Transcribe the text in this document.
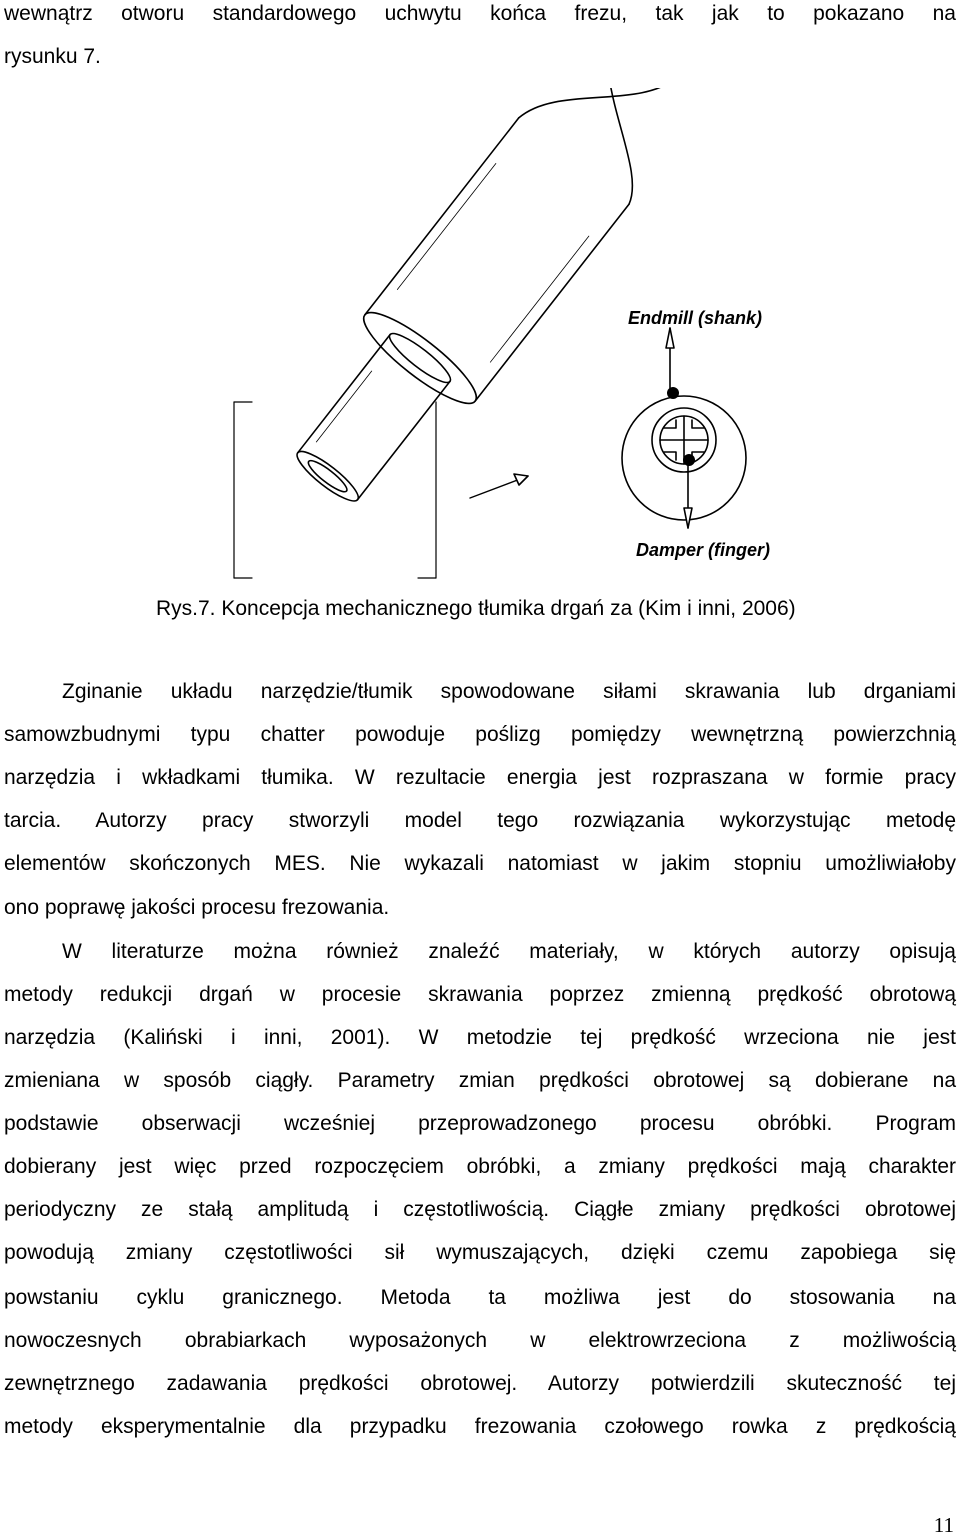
wewnątrz otworu standardowego uchwytu końca frezu, tak jak to pokazano na
rysunku 7.
Endmill (shank)
Damper (finger)
Rys.7. Koncepcja mechanicznego tłumika drgań za (Kim i inni, 2006)
Zginanie układu narzędzie/tłumik spowodowane siłami skrawania lub drganiami
samowzbudnymi typu chatter powoduje poślizg pomiędzy wewnętrzną powierzchnią
narzędzia i wkładkami tłumika. W rezultacie energia jest rozpraszana w formie pracy
tarcia. Autorzy pracy stworzyli model tego rozwiązania wykorzystując metodę
elementów skończonych MES. Nie wykazali natomiast w jakim stopniu umożliwiałoby
ono poprawę jakości procesu frezowania.
W literaturze można również znaleźć materiały, w których autorzy opisują
metody redukcji drgań w procesie skrawania poprzez zmienną prędkość obrotową
narzędzia (Kaliński i inni, 2001). W metodzie tej prędkość wrzeciona nie jest
zmieniana w sposób ciągły. Parametry zmian prędkości obrotowej są dobierane na
podstawie obserwacji wcześniej przeprowadzonego procesu obróbki. Program
dobierany jest więc przed rozpoczęciem obróbki, a zmiany prędkości mają charakter
periodyczny ze stałą amplitudą i częstotliwością. Ciągłe zmiany prędkości obrotowej
powodują zmiany częstotliwości sił wymuszających, dzięki czemu zapobiega się
powstaniu cyklu granicznego. Metoda ta możliwa jest do stosowania na
nowoczesnych obrabiarkach wyposażonych w elektrowrzeciona z możliwością
zewnętrznego zadawania prędkości obrotowej. Autorzy potwierdzili skuteczność tej
metody eksperymentalnie dla przypadku frezowania czołowego rowka z prędkością
11
